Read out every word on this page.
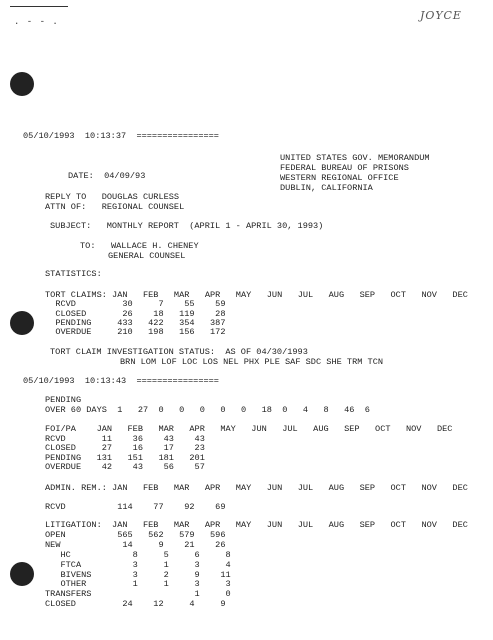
. - - .	JOYCE
05/10/1993  10:13:37  ================
UNITED STATES GOV. MEMORANDUM
FEDERAL BUREAU OF PRISONS
WESTERN REGIONAL OFFICE
DUBLIN, CALIFORNIA
DATE:  04/09/93
REPLY TO   DOUGLAS CURLESS
ATTN OF:   REGIONAL COUNSEL
SUBJECT:   MONTHLY REPORT  (APRIL 1 - APRIL 30, 1993)
TO:   WALLACE H. CHENEY
GENERAL COUNSEL
STATISTICS:
TORT CLAIMS: JAN   FEB   MAR   APR   MAY   JUN   JUL   AUG   SEP   OCT   NOV   DEC
RCVD         30     7    55    59
CLOSED       26    18   119    28
PENDING     433   422   354   387
OVERDUE     210   198   156   172
TORT CLAIM INVESTIGATION STATUS:  AS OF 04/30/1993
BRN LOM LOF LOC LOS NEL PHX PLE SAF SDC SHE TRM TCN
05/10/1993  10:13:43  ================
PENDING
OVER 60 DAYS  1   27  0   0   0   0   0   18  0   4   8   46  6
FOI/PA    JAN   FEB   MAR   APR   MAY   JUN   JUL   AUG   SEP   OCT   NOV   DEC
RCVD       11    36    43    43
CLOSED     27    16    17    23
PENDING   131   151   181   201
OVERDUE    42    43    56    57
ADMIN. REM.: JAN   FEB   MAR   APR   MAY   JUN   JUL   AUG   SEP   OCT   NOV   DEC
RCVD          114    77    92    69
LITIGATION:  JAN   FEB   MAR   APR   MAY   JUN   JUL   AUG   SEP   OCT   NOV   DEC
OPEN          565   562   579   596
NEW            14     9    21    26
HC            8     5     6     8
FTCA          3     1     3     4
BIVENS        3     2     9    11
OTHER         1     1     3     3
TRANSFERS                    1     0
CLOSED         24    12     4     9
